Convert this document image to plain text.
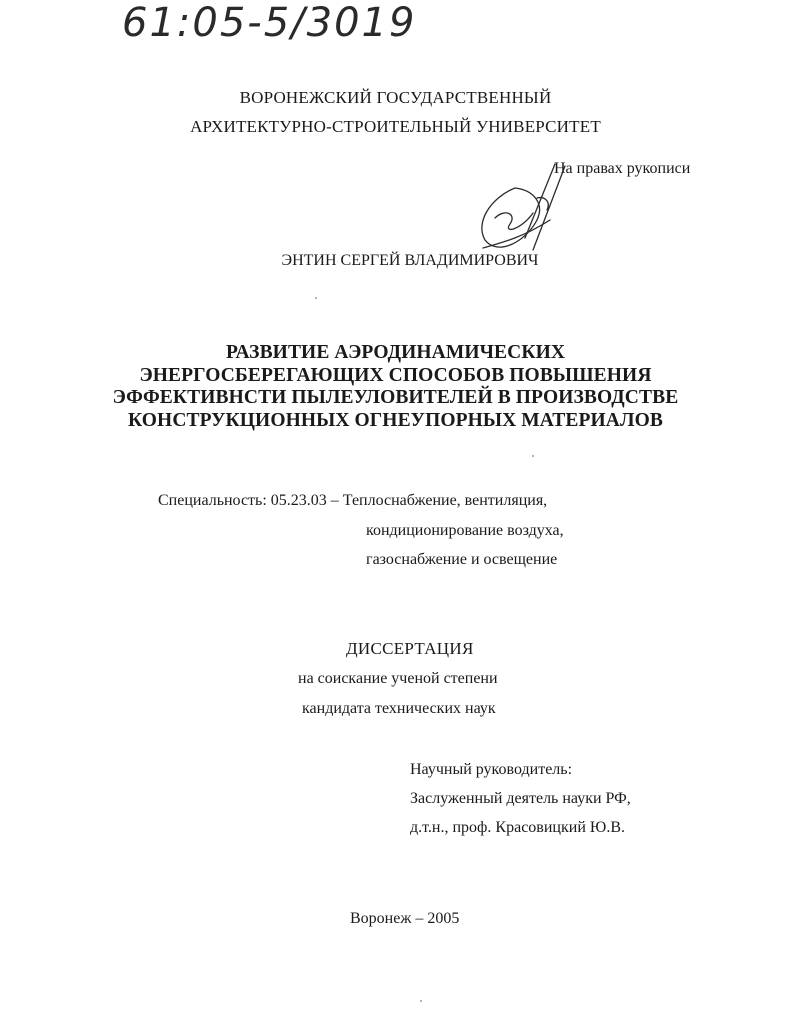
61:05-5/3019
ВОРОНЕЖСКИЙ ГОСУДАРСТВЕННЫЙ
АРХИТЕКТУРНО-СТРОИТЕЛЬНЫЙ УНИВЕРСИТЕТ
На правах рукописи
ЭНТИН СЕРГЕЙ ВЛАДИМИРОВИЧ
РАЗВИТИЕ АЭРОДИНАМИЧЕСКИХ
ЭНЕРГОСБЕРЕГАЮЩИХ СПОСОБОВ ПОВЫШЕНИЯ
ЭФФЕКТИВНСТИ ПЫЛЕУЛОВИТЕЛЕЙ В ПРОИЗВОДСТВЕ
КОНСТРУКЦИОННЫХ ОГНЕУПОРНЫХ МАТЕРИАЛОВ
Специальность: 05.23.03 – Теплоснабжение, вентиляция,
кондиционирование воздуха,
газоснабжение и освещение
ДИССЕРТАЦИЯ
на соискание ученой степени
кандидата технических наук
Научный руководитель:
Заслуженный деятель науки РФ,
д.т.н., проф. Красовицкий Ю.В.
Воронеж – 2005
